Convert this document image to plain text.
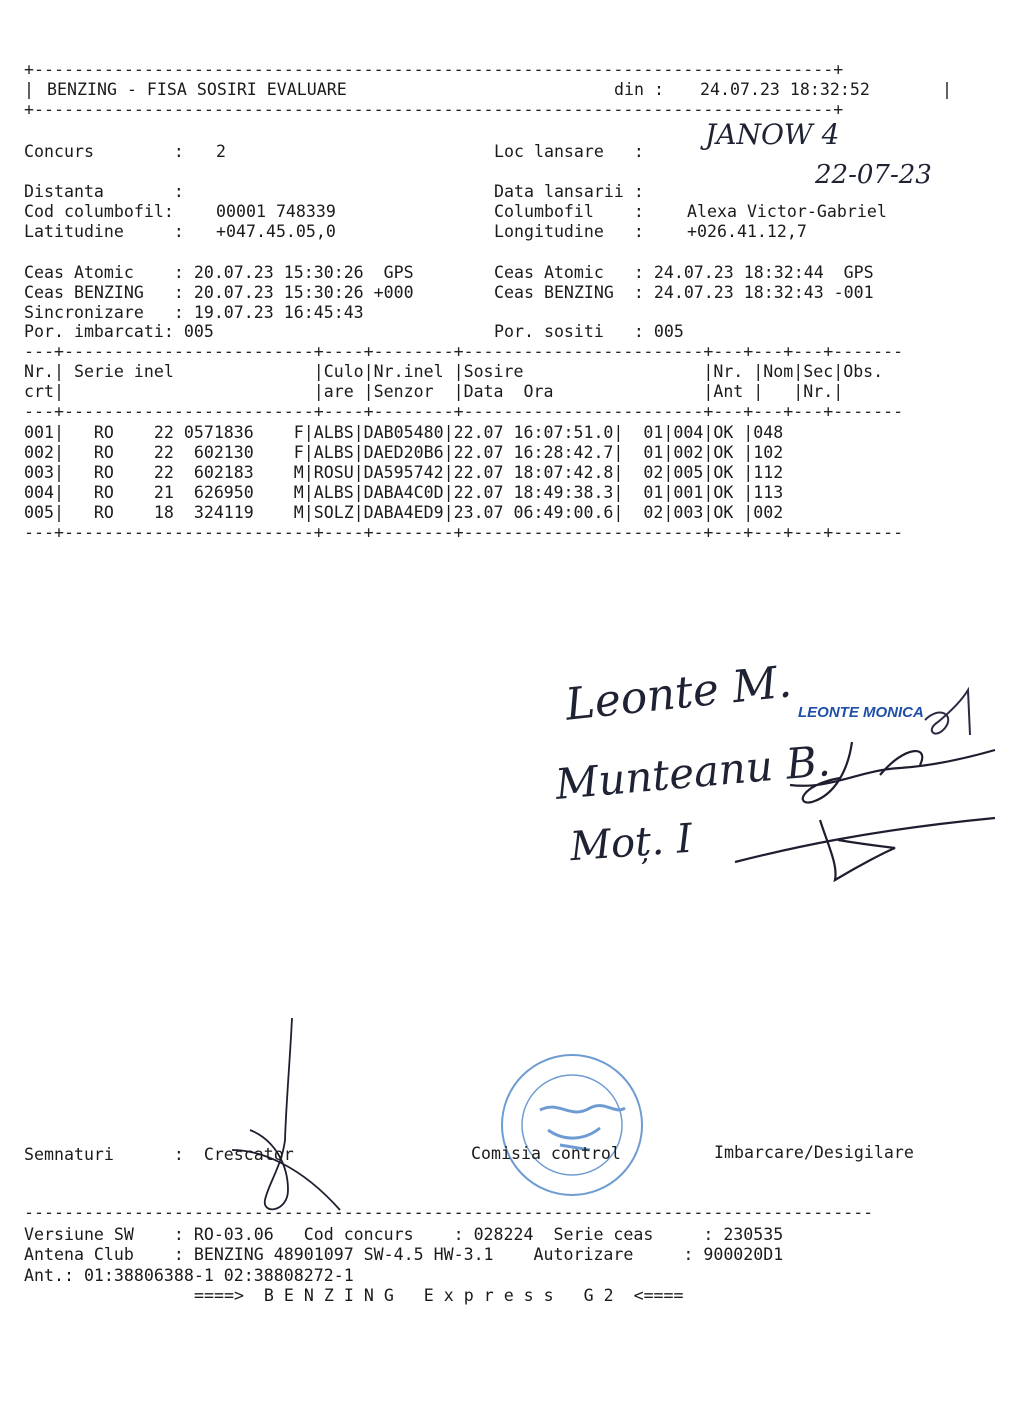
+--------------------------------------------------------------------------------+
| BENZING - FISA SOSIRI EVALUARE	din : 24.07.23 18:32:52	|
+--------------------------------------------------------------------------------+
Concurs        : 2	Loc lansare   :
JANOW 4
Distanta       :	Data lansarii :
22-07-23
Cod columbofil:	00001 748339	Columbofil    :	Alexa Victor-Gabriel
Latitudine     : +047.45.05,0	Longitudine   :	+026.41.12,7
Ceas Atomic    : 20.07.23 15:30:26  GPS	Ceas Atomic   : 24.07.23 18:32:44  GPS
Ceas BENZING   : 20.07.23 15:30:26 +000	Ceas BENZING  : 24.07.23 18:32:43 -001
Sincronizare   : 19.07.23 16:45:43
Por. imbarcati: 005	Por. sositi   : 005
---+-------------------------+----+--------+------------------------+---+---+---+-------
Nr.| Serie inel              |Culo|Nr.inel |Sosire                  |Nr. |Nom|Sec|Obs.
crt|                         |are |Senzor  |Data  Ora               |Ant |   |Nr.|
---+-------------------------+----+--------+------------------------+---+---+---+-------
001|   RO    22 0571836    F|ALBS|DAB05480|22.07 16:07:51.0|  01|004|OK |048
002|   RO    22  602130    F|ALBS|DAED20B6|22.07 16:28:42.7|  01|002|OK |102
003|   RO    22  602183    M|ROSU|DA595742|22.07 18:07:42.8|  02|005|OK |112
004|   RO    21  626950    M|ALBS|DABA4C0D|22.07 18:49:38.3|  01|001|OK |113
005|   RO    18  324119    M|SOLZ|DABA4ED9|23.07 06:49:00.6|  02|003|OK |002
---+-------------------------+----+--------+------------------------+---+---+---+-------
Leonte M.
Munteanu B.
Moț. I
LEONTE MONICA
Semnaturi      :  Crescator	Comisia control	Imbarcare/Desigilare
-------------------------------------------------------------------------------------
Versiune SW    : RO-03.06   Cod concurs    : 028224  Serie ceas     : 230535
Antena Club    : BENZING 48901097 SW-4.5 HW-3.1    Autorizare     : 900020D1
Ant.: 01:38806388-1 02:38808272-1
====>  B E N Z I N G   E x p r e s s   G 2  <====
